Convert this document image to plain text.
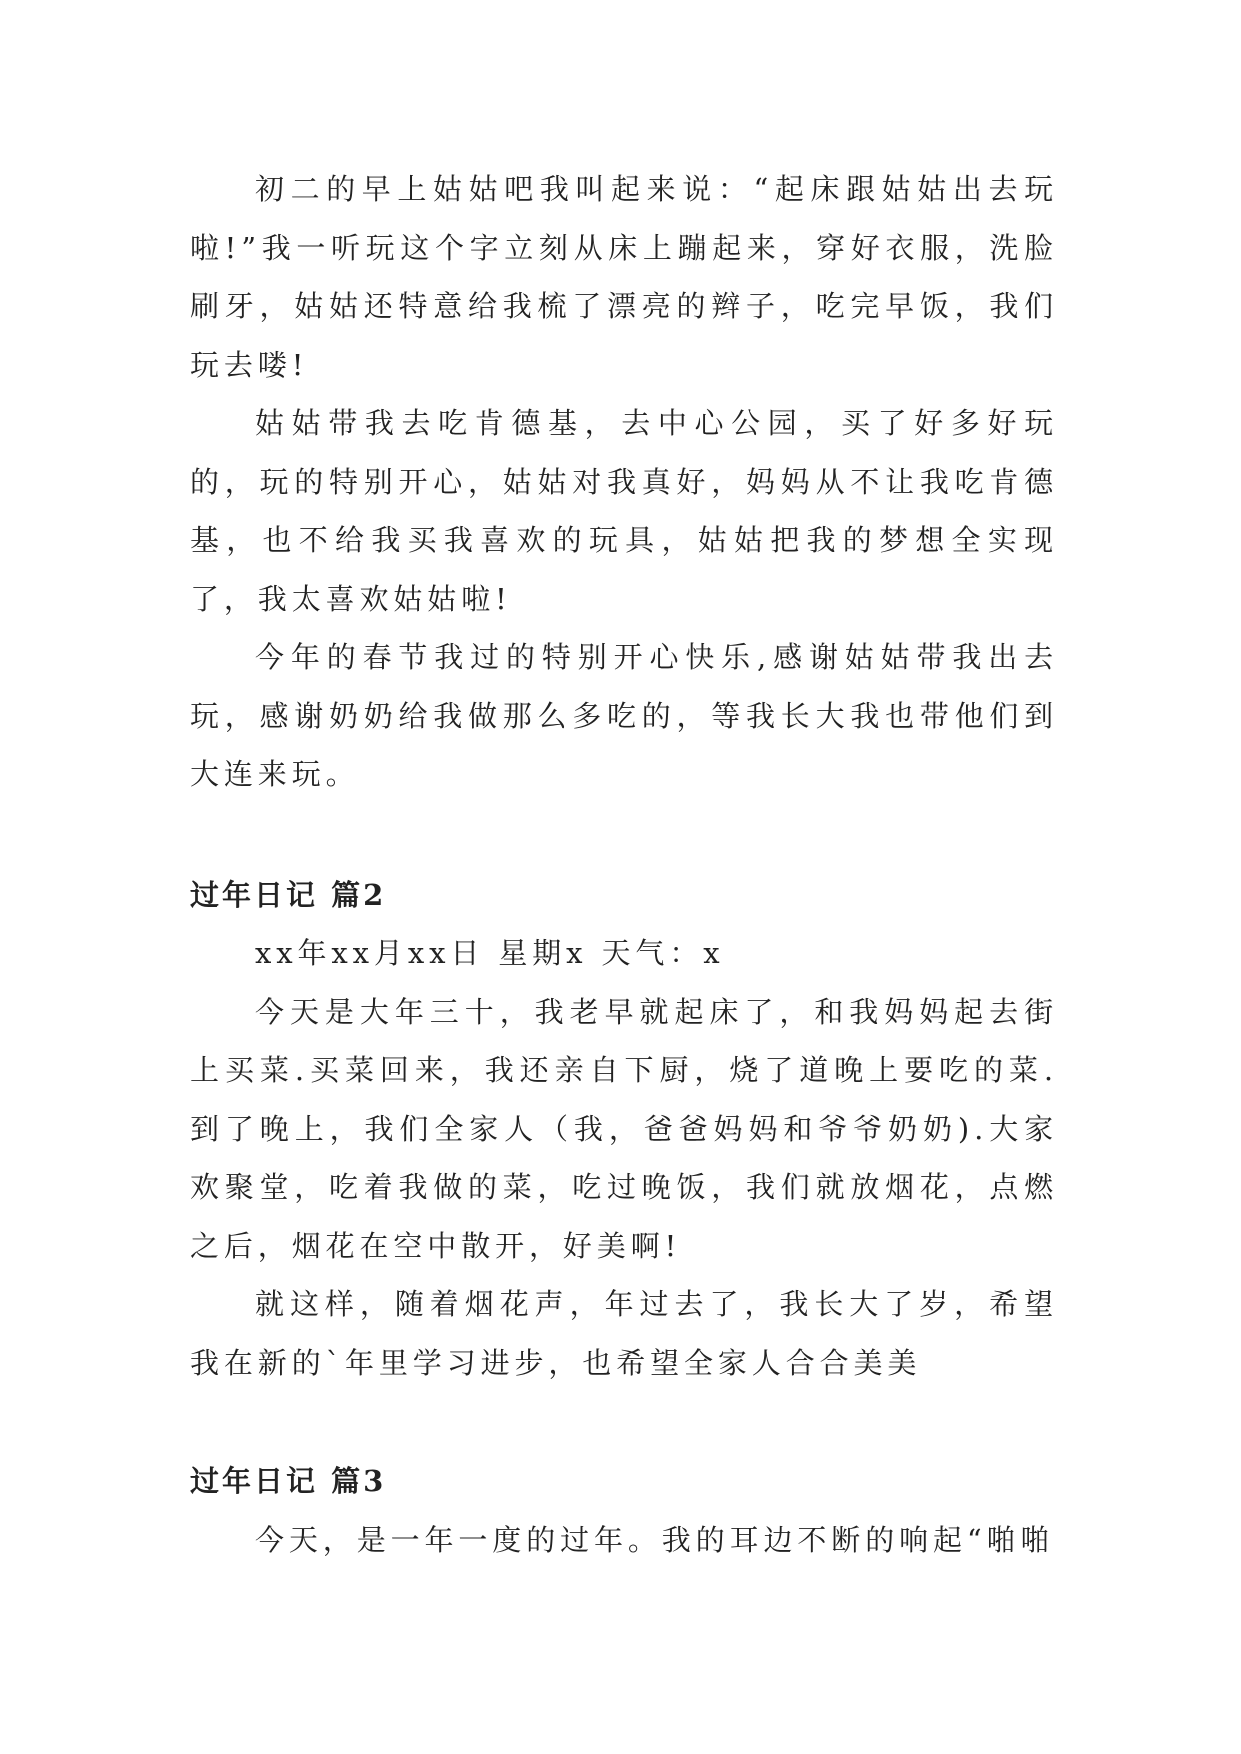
初二的早上姑姑吧我叫起来说：“起床跟姑姑出去玩啦!”我一听玩这个字立刻从床上蹦起来，穿好衣服，洗脸刷牙，姑姑还特意给我梳了漂亮的辫子，吃完早饭，我们玩去喽!

姑姑带我去吃肯德基，去中心公园，买了好多好玩的，玩的特别开心，姑姑对我真好，妈妈从不让我吃肯德基，也不给我买我喜欢的玩具，姑姑把我的梦想全实现了，我太喜欢姑姑啦!

今年的春节我过的特别开心快乐,感谢姑姑带我出去玩，感谢奶奶给我做那么多吃的，等我长大我也带他们到大连来玩。

过年日记 篇2

xx年xx月xx日 星期x 天气：x

今天是大年三十，我老早就起床了，和我妈妈起去街上买菜.买菜回来，我还亲自下厨，烧了道晚上要吃的菜.到了晚上，我们全家人（我，爸爸妈妈和爷爷奶奶).大家欢聚堂，吃着我做的菜，吃过晚饭，我们就放烟花，点燃之后，烟花在空中散开，好美啊!

就这样，随着烟花声，年过去了，我长大了岁，希望我在新的`年里学习进步，也希望全家人合合美美

过年日记 篇3

今天，是一年一度的过年。我的耳边不断的响起“啪啪
